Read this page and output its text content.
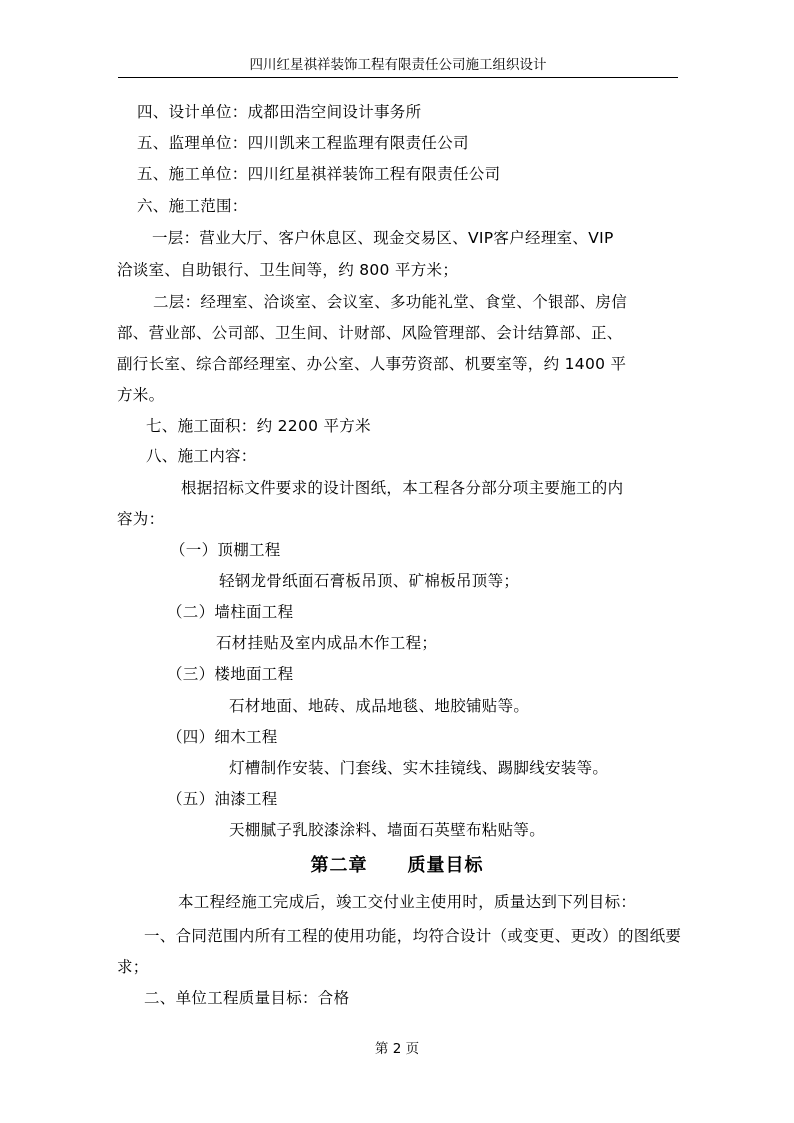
四川红星祺祥装饰工程有限责任公司施工组织设计
四、设计单位：成都田浩空间设计事务所
五、监理单位：四川凯来工程监理有限责任公司
五、施工单位：四川红星祺祥装饰工程有限责任公司
六、施工范围：
一层：营业大厅、客户休息区、现金交易区、VIP客户经理室、VIP
洽谈室、自助银行、卫生间等，约 800 平方米；
二层：经理室、洽谈室、会议室、多功能礼堂、食堂、个银部、房信
部、营业部、公司部、卫生间、计财部、风险管理部、会计结算部、正、
副行长室、综合部经理室、办公室、人事劳资部、机要室等，约 1400 平
方米。
七、施工面积：约 2200 平方米
八、施工内容：
根据招标文件要求的设计图纸，本工程各分部分项主要施工的内
容为：
（一）顶棚工程
轻钢龙骨纸面石膏板吊顶、矿棉板吊顶等；
（二）墙柱面工程
石材挂贴及室内成品木作工程；
（三）楼地面工程
石材地面、地砖、成品地毯、地胶铺贴等。
（四）细木工程
灯槽制作安装、门套线、实木挂镜线、踢脚线安装等。
（五）油漆工程
天棚腻子乳胶漆涂料、墙面石英壁布粘贴等。
第二章 质量目标
本工程经施工完成后，竣工交付业主使用时，质量达到下列目标：
一、合同范围内所有工程的使用功能，均符合设计（或变更、更改）的图纸要
求；
二、单位工程质量目标：合格
第 2 页
